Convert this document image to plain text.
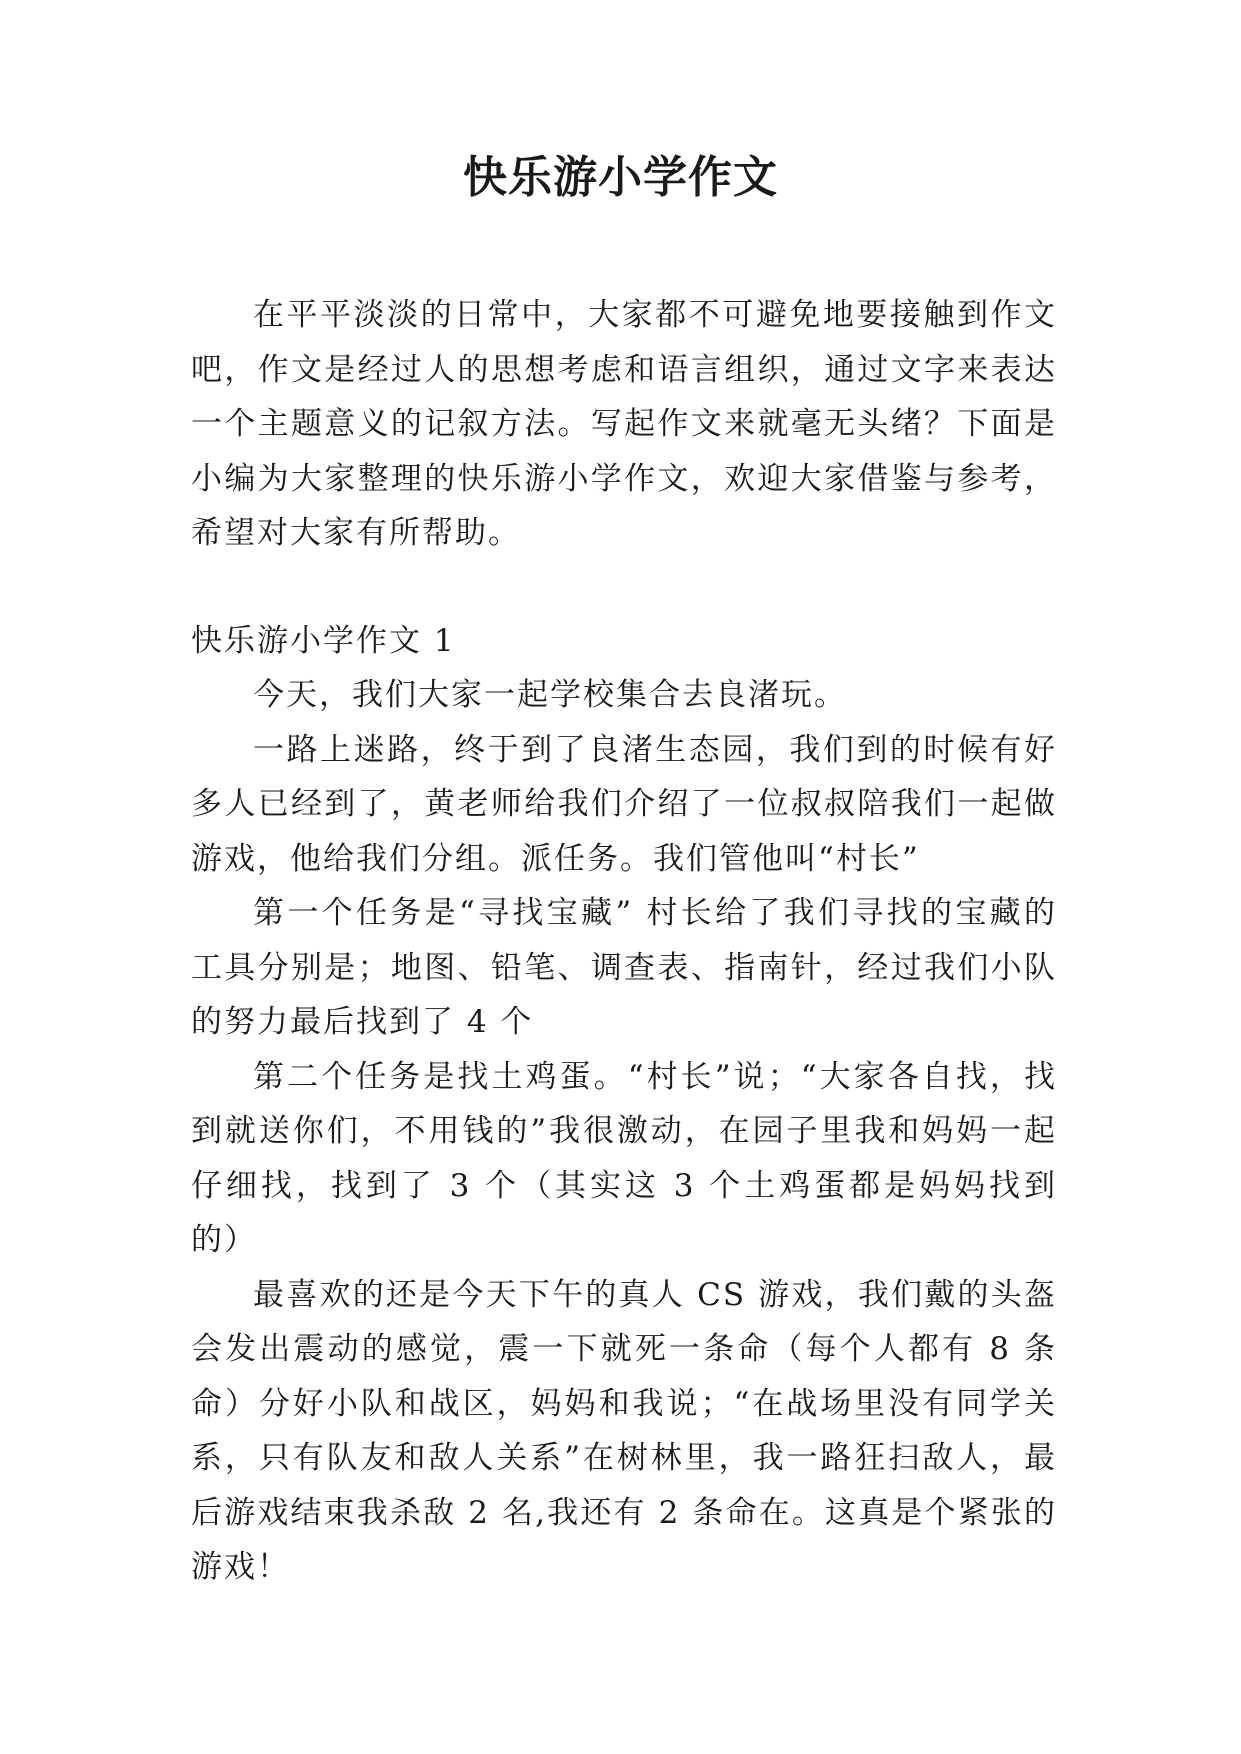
快乐游小学作文

在平平淡淡的日常中，大家都不可避免地要接触到作文吧，作文是经过人的思想考虑和语言组织，通过文字来表达一个主题意义的记叙方法。写起作文来就毫无头绪？下面是小编为大家整理的快乐游小学作文，欢迎大家借鉴与参考，希望对大家有所帮助。

快乐游小学作文 1

今天，我们大家一起学校集合去良渚玩。

一路上迷路，终于到了良渚生态园，我们到的时候有好多人已经到了，黄老师给我们介绍了一位叔叔陪我们一起做游戏，他给我们分组。派任务。我们管他叫“村长”

第一个任务是“寻找宝藏” 村长给了我们寻找的宝藏的工具分别是；地图、铅笔、调查表、指南针，经过我们小队的努力最后找到了 4 个

第二个任务是找土鸡蛋。“村长”说；“大家各自找，找到就送你们，不用钱的”我很激动，在园子里我和妈妈一起仔细找，找到了 3 个（其实这 3 个土鸡蛋都是妈妈找到的）

最喜欢的还是今天下午的真人 CS 游戏，我们戴的头盔会发出震动的感觉，震一下就死一条命（每个人都有 8 条命）分好小队和战区，妈妈和我说；“在战场里没有同学关系，只有队友和敌人关系”在树林里，我一路狂扫敌人，最后游戏结束我杀敌 2 名,我还有 2 条命在。这真是个紧张的游戏！
